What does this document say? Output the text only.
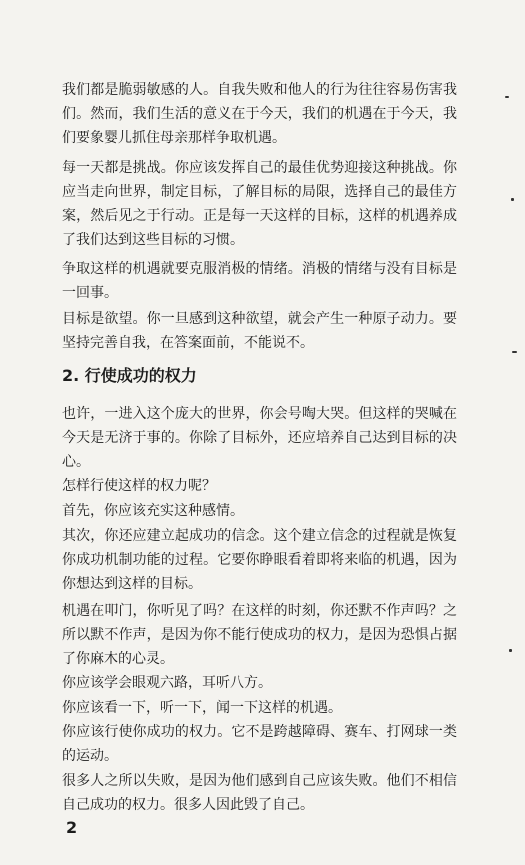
我们都是脆弱敏感的人。自我失败和他人的行为往往容易伤害我们。然而，我们生活的意义在于今天，我们的机遇在于今天，我们要象婴儿抓住母亲那样争取机遇。

每一天都是挑战。你应该发挥自己的最佳优势迎接这种挑战。你应当走向世界，制定目标，了解目标的局限，选择自己的最佳方案，然后见之于行动。正是每一天这样的目标，这样的机遇养成了我们达到这些目标的习惯。

争取这样的机遇就要克服消极的情绪。消极的情绪与没有目标是一回事。

目标是欲望。你一旦感到这种欲望，就会产生一种原子动力。要坚持完善自我，在答案面前，不能说不。

2. 行使成功的权力

也许，一进入这个庞大的世界，你会号啕大哭。但这样的哭喊在今天是无济于事的。你除了目标外，还应培养自己达到目标的决心。

怎样行使这样的权力呢？

首先，你应该充实这种感情。

其次，你还应建立起成功的信念。这个建立信念的过程就是恢复你成功机制功能的过程。它要你睁眼看着即将来临的机遇，因为你想达到这样的目标。

机遇在叩门，你听见了吗？在这样的时刻，你还默不作声吗？之所以默不作声，是因为你不能行使成功的权力，是因为恐惧占据了你麻木的心灵。

你应该学会眼观六路，耳听八方。

你应该看一下，听一下，闻一下这样的机遇。

你应该行使你成功的权力。它不是跨越障碍、赛车、打网球一类的运动。

很多人之所以失败，是因为他们感到自己应该失败。他们不相信自己成功的权力。很多人因此毁了自己。

2
